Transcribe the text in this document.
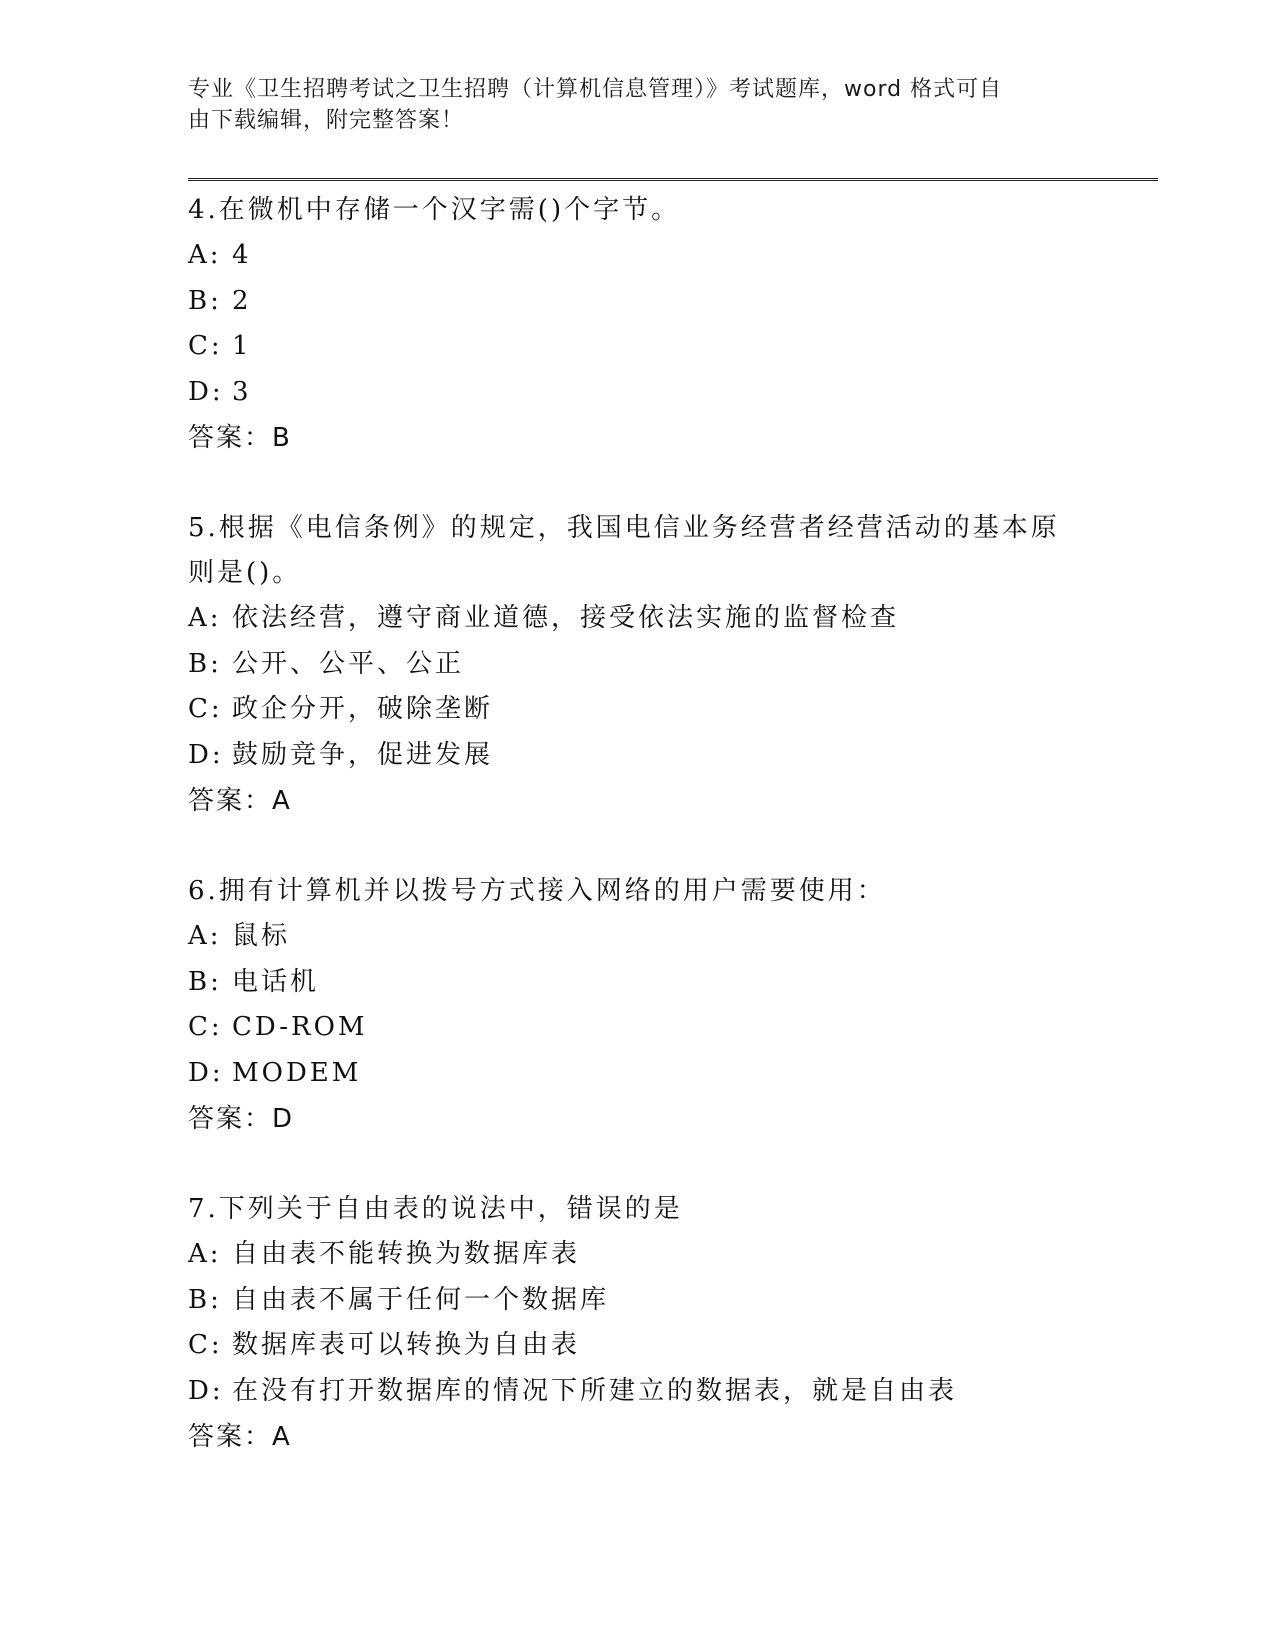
专业《卫生招聘考试之卫生招聘（计算机信息管理）》考试题库，word 格式可自
由下载编辑，附完整答案！
4.在微机中存储一个汉字需()个字节。
A: 4
B: 2
C: 1
D: 3
答案：B
5.根据《电信条例》的规定，我国电信业务经营者经营活动的基本原
则是()。
A: 依法经营，遵守商业道德，接受依法实施的监督检查
B: 公开、公平、公正
C: 政企分开，破除垄断
D: 鼓励竞争，促进发展
答案：A
6.拥有计算机并以拨号方式接入网络的用户需要使用：
A: 鼠标
B: 电话机
C: CD-ROM
D: MODEM
答案：D
7.下列关于自由表的说法中，错误的是
A: 自由表不能转换为数据库表
B: 自由表不属于任何一个数据库
C: 数据库表可以转换为自由表
D: 在没有打开数据库的情况下所建立的数据表，就是自由表
答案：A
